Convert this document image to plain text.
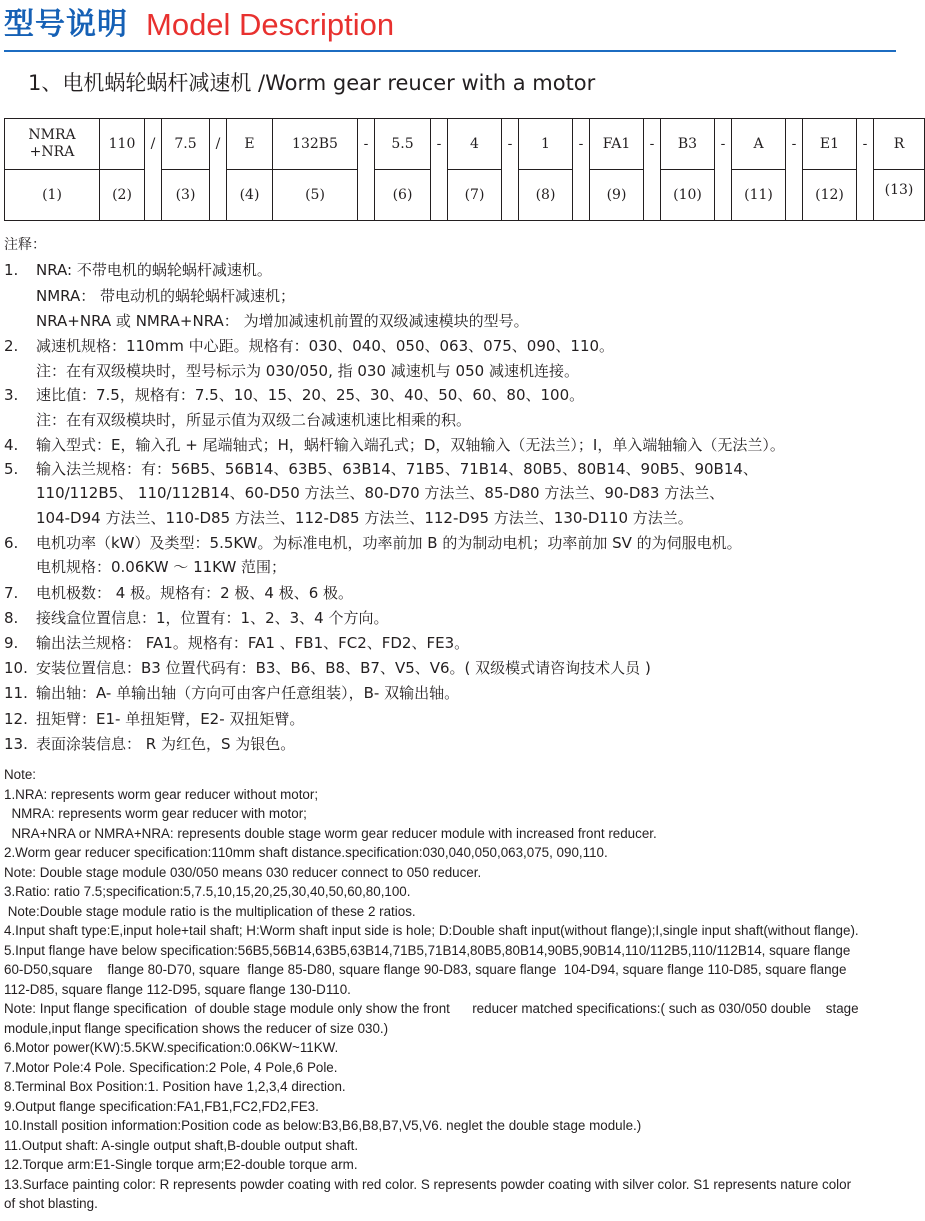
型号说明 Model Description
1、电机蜗轮蜗杆减速机 /Worm gear reucer with a motor
NMRA
+NRA	110	/	7.5	/	E	132B5	-	5.5	-	4	-	1	-	FA1	-	B3	-	A	-	E1	-	R
(1)	(2)		(3)		(4)	(5)		(6)		(7)		(8)		(9)		(10)		(11)		(12)		(13)
注释：
1. NRA: 不带电机的蜗轮蜗杆减速机。
NMRA： 带电动机的蜗轮蜗杆减速机；
NRA+NRA 或 NMRA+NRA： 为增加减速机前置的双级减速模块的型号。
2. 减速机规格：110mm 中心距。规格有：030、040、050、063、075、090、110。
注：在有双级模块时，型号标示为 030/050, 指 030 减速机与 050 减速机连接。
3. 速比值：7.5，规格有：7.5、10、15、20、25、30、40、50、60、80、100。
注：在有双级模块时，所显示值为双级二台减速机速比相乘的积。
4. 输入型式：E，输入孔 + 尾端轴式；H，蜗杆输入端孔式；D，双轴输入（无法兰）；I，单入端轴输入（无法兰）。
5. 输入法兰规格：有：56B5、56B14、63B5、63B14、71B5、71B14、80B5、80B14、90B5、90B14、
110/112B5、 110/112B14、60-D50 方法兰、80-D70 方法兰、85-D80 方法兰、90-D83 方法兰、
104-D94 方法兰、110-D85 方法兰、112-D85 方法兰、112-D95 方法兰、130-D110 方法兰。
6. 电机功率（kW）及类型：5.5KW。为标准电机，功率前加 B 的为制动电机；功率前加 SV 的为伺服电机。
电机规格：0.06KW ～ 11KW 范围；
7. 电机极数： 4 极。规格有：2 极、4 极、6 极。
8. 接线盒位置信息：1，位置有：1、2、3、4 个方向。
9. 输出法兰规格： FA1。规格有：FA1 、FB1、FC2、FD2、FE3。
10. 安装位置信息：B3 位置代码有：B3、B6、B8、B7、V5、V6。( 双级模式请咨询技术人员 )
11. 输出轴：A- 单输出轴（方向可由客户任意组装），B- 双输出轴。
12. 扭矩臂：E1- 单扭矩臂，E2- 双扭矩臂。
13. 表面涂装信息： R 为红色，S 为银色。
Note:
1.NRA: represents worm gear reducer without motor;
NMRA: represents worm gear reducer with motor;
NRA+NRA or NMRA+NRA: represents double stage worm gear reducer module with increased front reducer.
2.Worm gear reducer specification:110mm shaft distance.specification:030,040,050,063,075, 090,110.
Note: Double stage module 030/050 means 030 reducer connect to 050 reducer.
3.Ratio: ratio 7.5;specification:5,7.5,10,15,20,25,30,40,50,60,80,100.
Note:Double stage module ratio is the multiplication of these 2 ratios.
4.Input shaft type:E,input hole+tail shaft; H:Worm shaft input side is hole; D:Double shaft input(without flange);I,single input shaft(without flange).
5.Input flange have below specification:56B5,56B14,63B5,63B14,71B5,71B14,80B5,80B14,90B5,90B14,110/112B5,110/112B14, square flange
60-D50,square    flange 80-D70, square  flange 85-D80, square flange 90-D83, square flange  104-D94, square flange 110-D85, square flange
112-D85, square flange 112-D95, square flange 130-D110.
Note: Input flange specification  of double stage module only show the front      reducer matched specifications:( such as 030/050 double    stage
module,input flange specification shows the reducer of size 030.)
6.Motor power(KW):5.5KW.specification:0.06KW~11KW.
7.Motor Pole:4 Pole. Specification:2 Pole, 4 Pole,6 Pole.
8.Terminal Box Position:1. Position have 1,2,3,4 direction.
9.Output flange specification:FA1,FB1,FC2,FD2,FE3.
10.Install position information:Position code as below:B3,B6,B8,B7,V5,V6. neglet the double stage module.)
11.Output shaft: A-single output shaft,B-double output shaft.
12.Torque arm:E1-Single torque arm;E2-double torque arm.
13.Surface painting color: R represents powder coating with red color. S represents powder coating with silver color. S1 represents nature color
of shot blasting.
